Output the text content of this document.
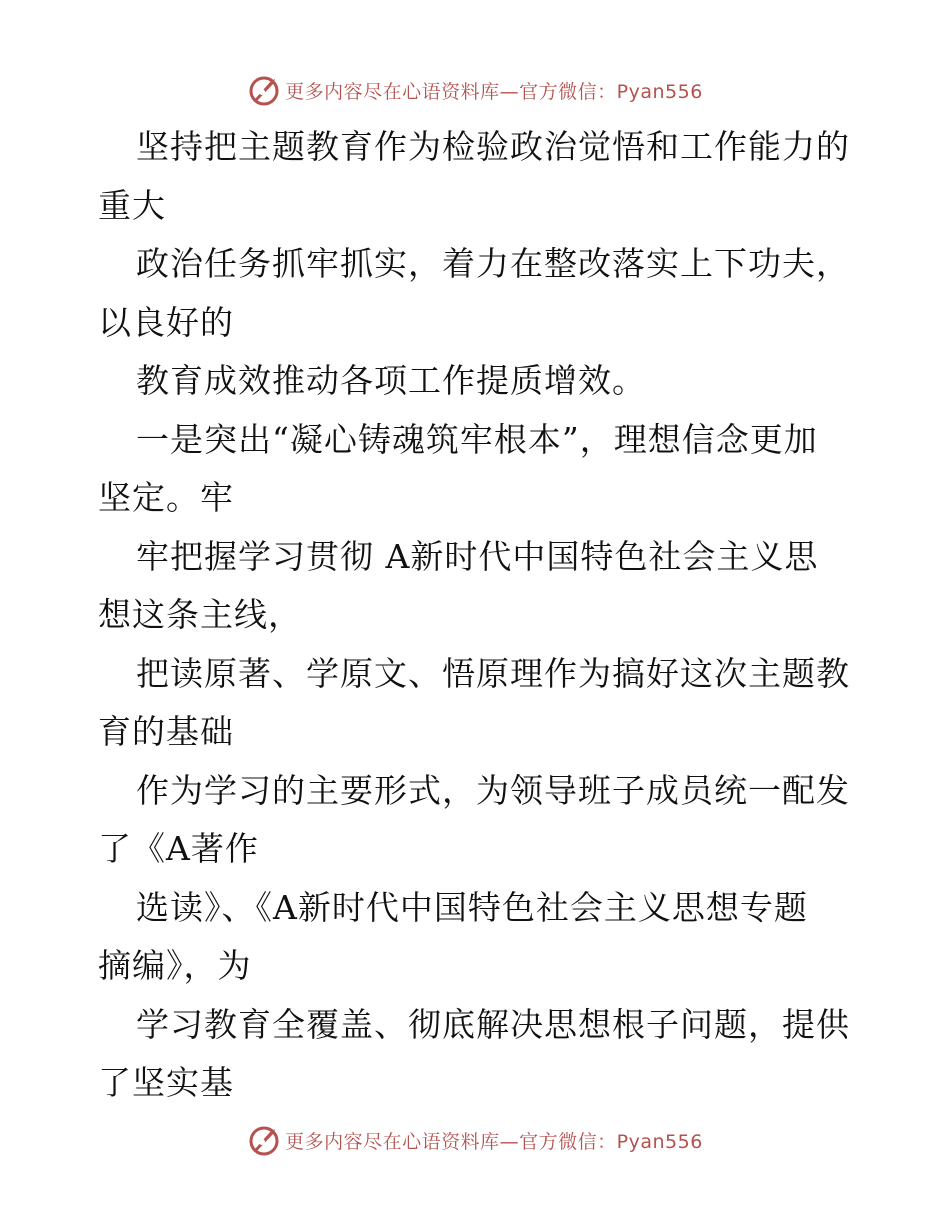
更多内容尽在心语资料库—官方微信：Pyan556
坚持把主题教育作为检验政治觉悟和工作能力的
重大
政治任务抓牢抓实，着力在整改落实上下功夫，
以良好的
教育成效推动各项工作提质增效。
一是突出“凝心铸魂筑牢根本”，理想信念更加
坚定。牢
牢把握学习贯彻 A新时代中国特色社会主义思
想这条主线，
把读原著、学原文、悟原理作为搞好这次主题教
育的基础
作为学习的主要形式，为领导班子成员统一配发
了《A著作
选读》、《A新时代中国特色社会主义思想专题
摘编》，为
学习教育全覆盖、彻底解决思想根子问题，提供
了坚实基
更多内容尽在心语资料库—官方微信：Pyan556
